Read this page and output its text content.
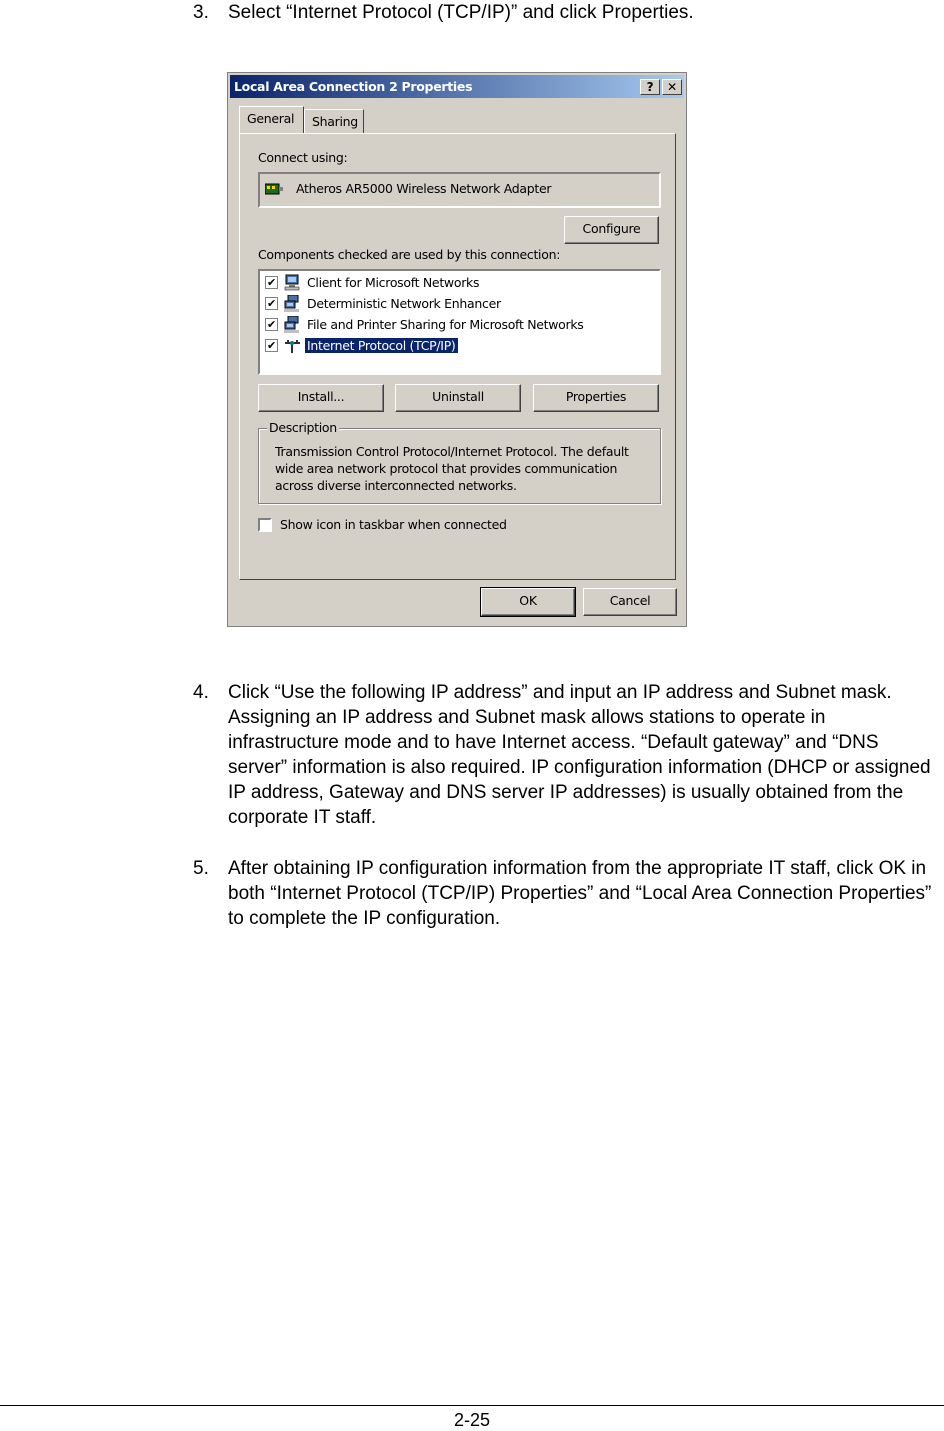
3.	Select “Internet Protocol (TCP/IP)” and click Properties.
Local Area Connection 2 Properties	?	✕
General Sharing
Connect using:
Atheros AR5000 Wireless Network Adapter
Configure
Components checked are used by this connection:
✔ Client for Microsoft Networks
✔ Deterministic Network Enhancer
✔ File and Printer Sharing for Microsoft Networks
✔ Internet Protocol (TCP/IP)
Install...	Uninstall	Properties
Description
Transmission Control Protocol/Internet Protocol. The default wide area network protocol that provides communication across diverse interconnected networks.
Show icon in taskbar when connected
OK	Cancel
4.	Click “Use the following IP address” and input an IP address and Subnet mask. Assigning an IP address and Subnet mask allows stations to operate in infrastructure mode and to have Internet access. “Default gateway” and “DNS server” information is also required. IP configuration information (DHCP or assigned IP address, Gateway and DNS server IP addresses) is usually obtained from the corporate IT staff.
5.	After obtaining IP configuration information from the appropriate IT staff, click OK in both “Internet Protocol (TCP/IP) Properties” and “Local Area Connection Properties” to complete the IP configuration.
2-25
